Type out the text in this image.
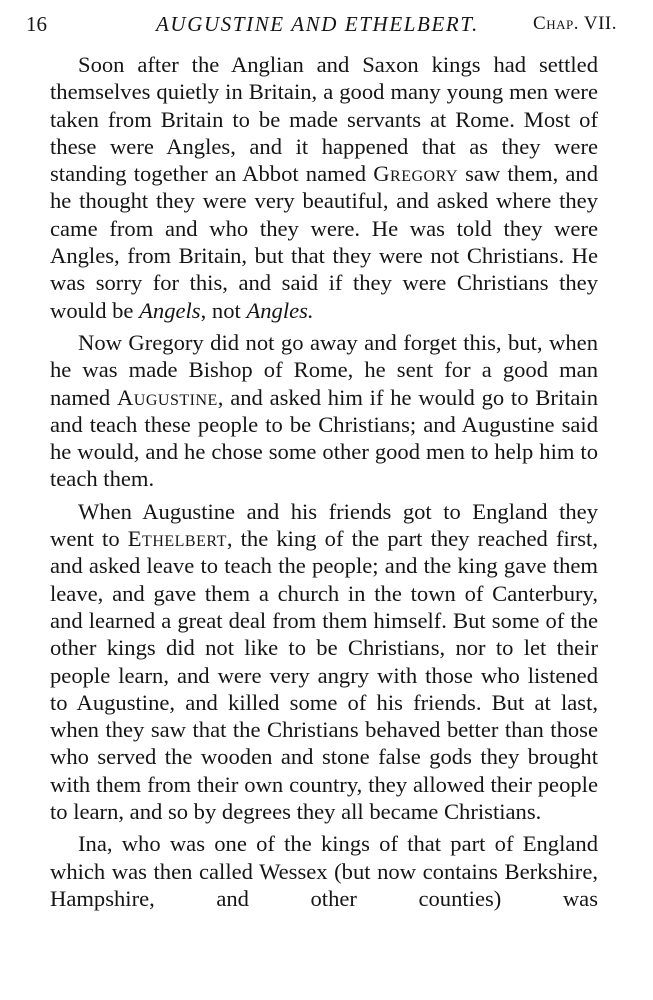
16	AUGUSTINE AND ETHELBERT.	Chap. VII.

Soon after the Anglian and Saxon kings had settled themselves quietly in Britain, a good many young men were taken from Britain to be made servants at Rome. Most of these were Angles, and it happened that as they were standing together an Abbot named Gregory saw them, and he thought they were very beautiful, and asked where they came from and who they were. He was told they were Angles, from Britain, but that they were not Christians. He was sorry for this, and said if they were Christians they would be Angels, not Angles.

Now Gregory did not go away and forget this, but, when he was made Bishop of Rome, he sent for a good man named Augustine, and asked him if he would go to Britain and teach these people to be Christians; and Augustine said he would, and he chose some other good men to help him to teach them.

When Augustine and his friends got to England they went to Ethelbert, the king of the part they reached first, and asked leave to teach the people; and the king gave them leave, and gave them a church in the town of Canterbury, and learned a great deal from them himself. But some of the other kings did not like to be Christians, nor to let their people learn, and were very angry with those who listened to Augustine, and killed some of his friends. But at last, when they saw that the Christians behaved better than those who served the wooden and stone false gods they brought with them from their own country, they allowed their people to learn, and so by degrees they all became Christians.

Ina, who was one of the kings of that part of England which was then called Wessex (but now contains Berkshire, Hampshire, and other counties) was
